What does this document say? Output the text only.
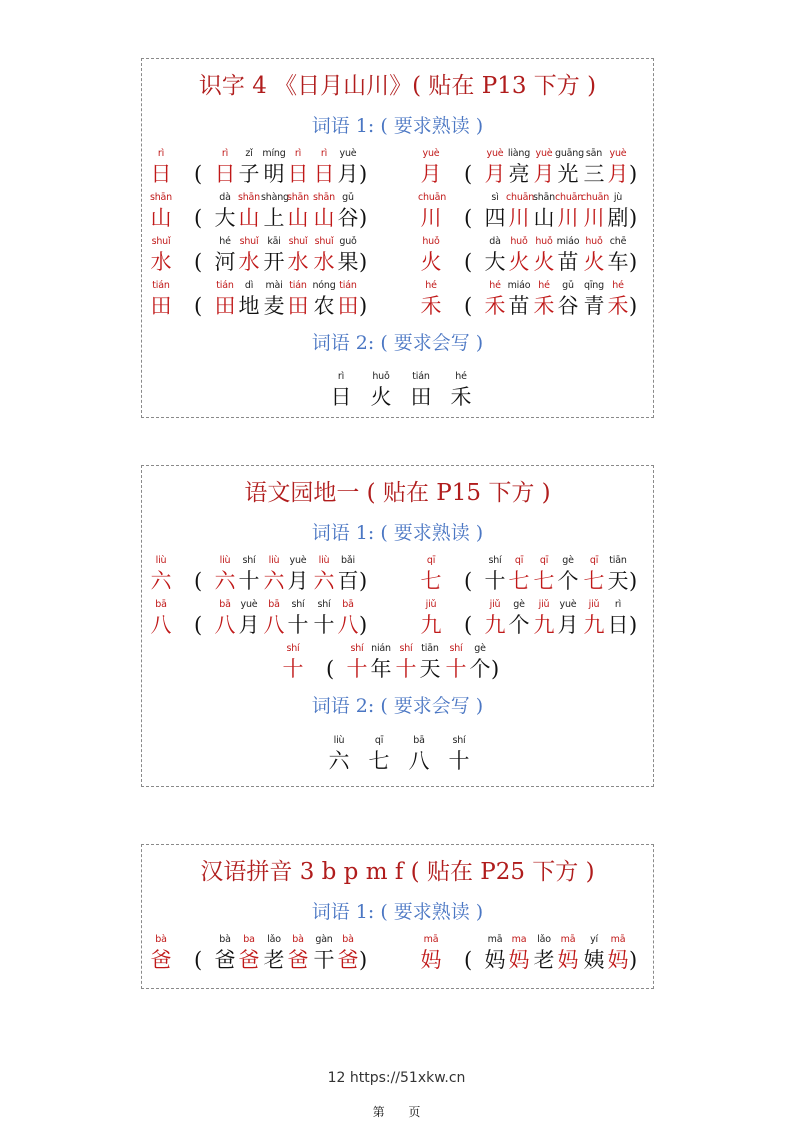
识字 4 《日月山川》( 贴在 P13 下方 )
词语 1: ( 要求熟读 )
rì
日 (
rì
日
zǐ
子
míng
明
rì
日
rì
日
yuè
月 )
yuè
月 (
yuè
月
liàng
亮
yuè
月
guāng
光
sān
三
yuè
月 )
shān
山 (
dà
大
shān
山
shàng
上
shān
山
shān
山
gǔ
谷 )
chuān
川 (
sì
四
chuān
川
shān
山
chuān
川
chuān
川
jù
剧 )
shuǐ
水 (
hé
河
shuǐ
水
kāi
开
shuǐ
水
shuǐ
水
guǒ
果 )
huǒ
火 (
dà
大
huǒ
火
huǒ
火
miáo
苗
huǒ
火
chē
车 )
tián
田 (
tián
田
dì
地
mài
麦
tián
田
nóng
农
tián
田 )
hé
禾 (
hé
禾
miáo
苗
hé
禾
gǔ
谷
qīng
青
hé
禾 )
词语 2: ( 要求会写 )
rì
日
huǒ
火
tián
田
hé
禾
语文园地一 ( 贴在 P15 下方 )
词语 1: ( 要求熟读 )
liù
六 (
liù
六
shí
十
liù
六
yuè
月
liù
六
bǎi
百 )
qī
七 (
shí
十
qī
七
qī
七
gè
个
qī
七
tiān
天 )
bā
八 (
bā
八
yuè
月
bā
八
shí
十
shí
十
bā
八 )
jiǔ
九 (
jiǔ
九
gè
个
jiǔ
九
yuè
月
jiǔ
九
rì
日 )
shí
十 (
shí
十
nián
年
shí
十
tiān
天
shí
十
gè
个 )
词语 2: ( 要求会写 )
liù
六
qī
七
bā
八
shí
十
汉语拼音 3 b p m f ( 贴在 P25 下方 )
词语 1: ( 要求熟读 )
bà
爸 (
bà
爸
ba
爸
lǎo
老
bà
爸
gàn
干
bà
爸 )
mā
妈 (
mā
妈
ma
妈
lǎo
老
mā
妈
yí
姨
mā
妈 )
12 https://51xkw.cn
第 页
